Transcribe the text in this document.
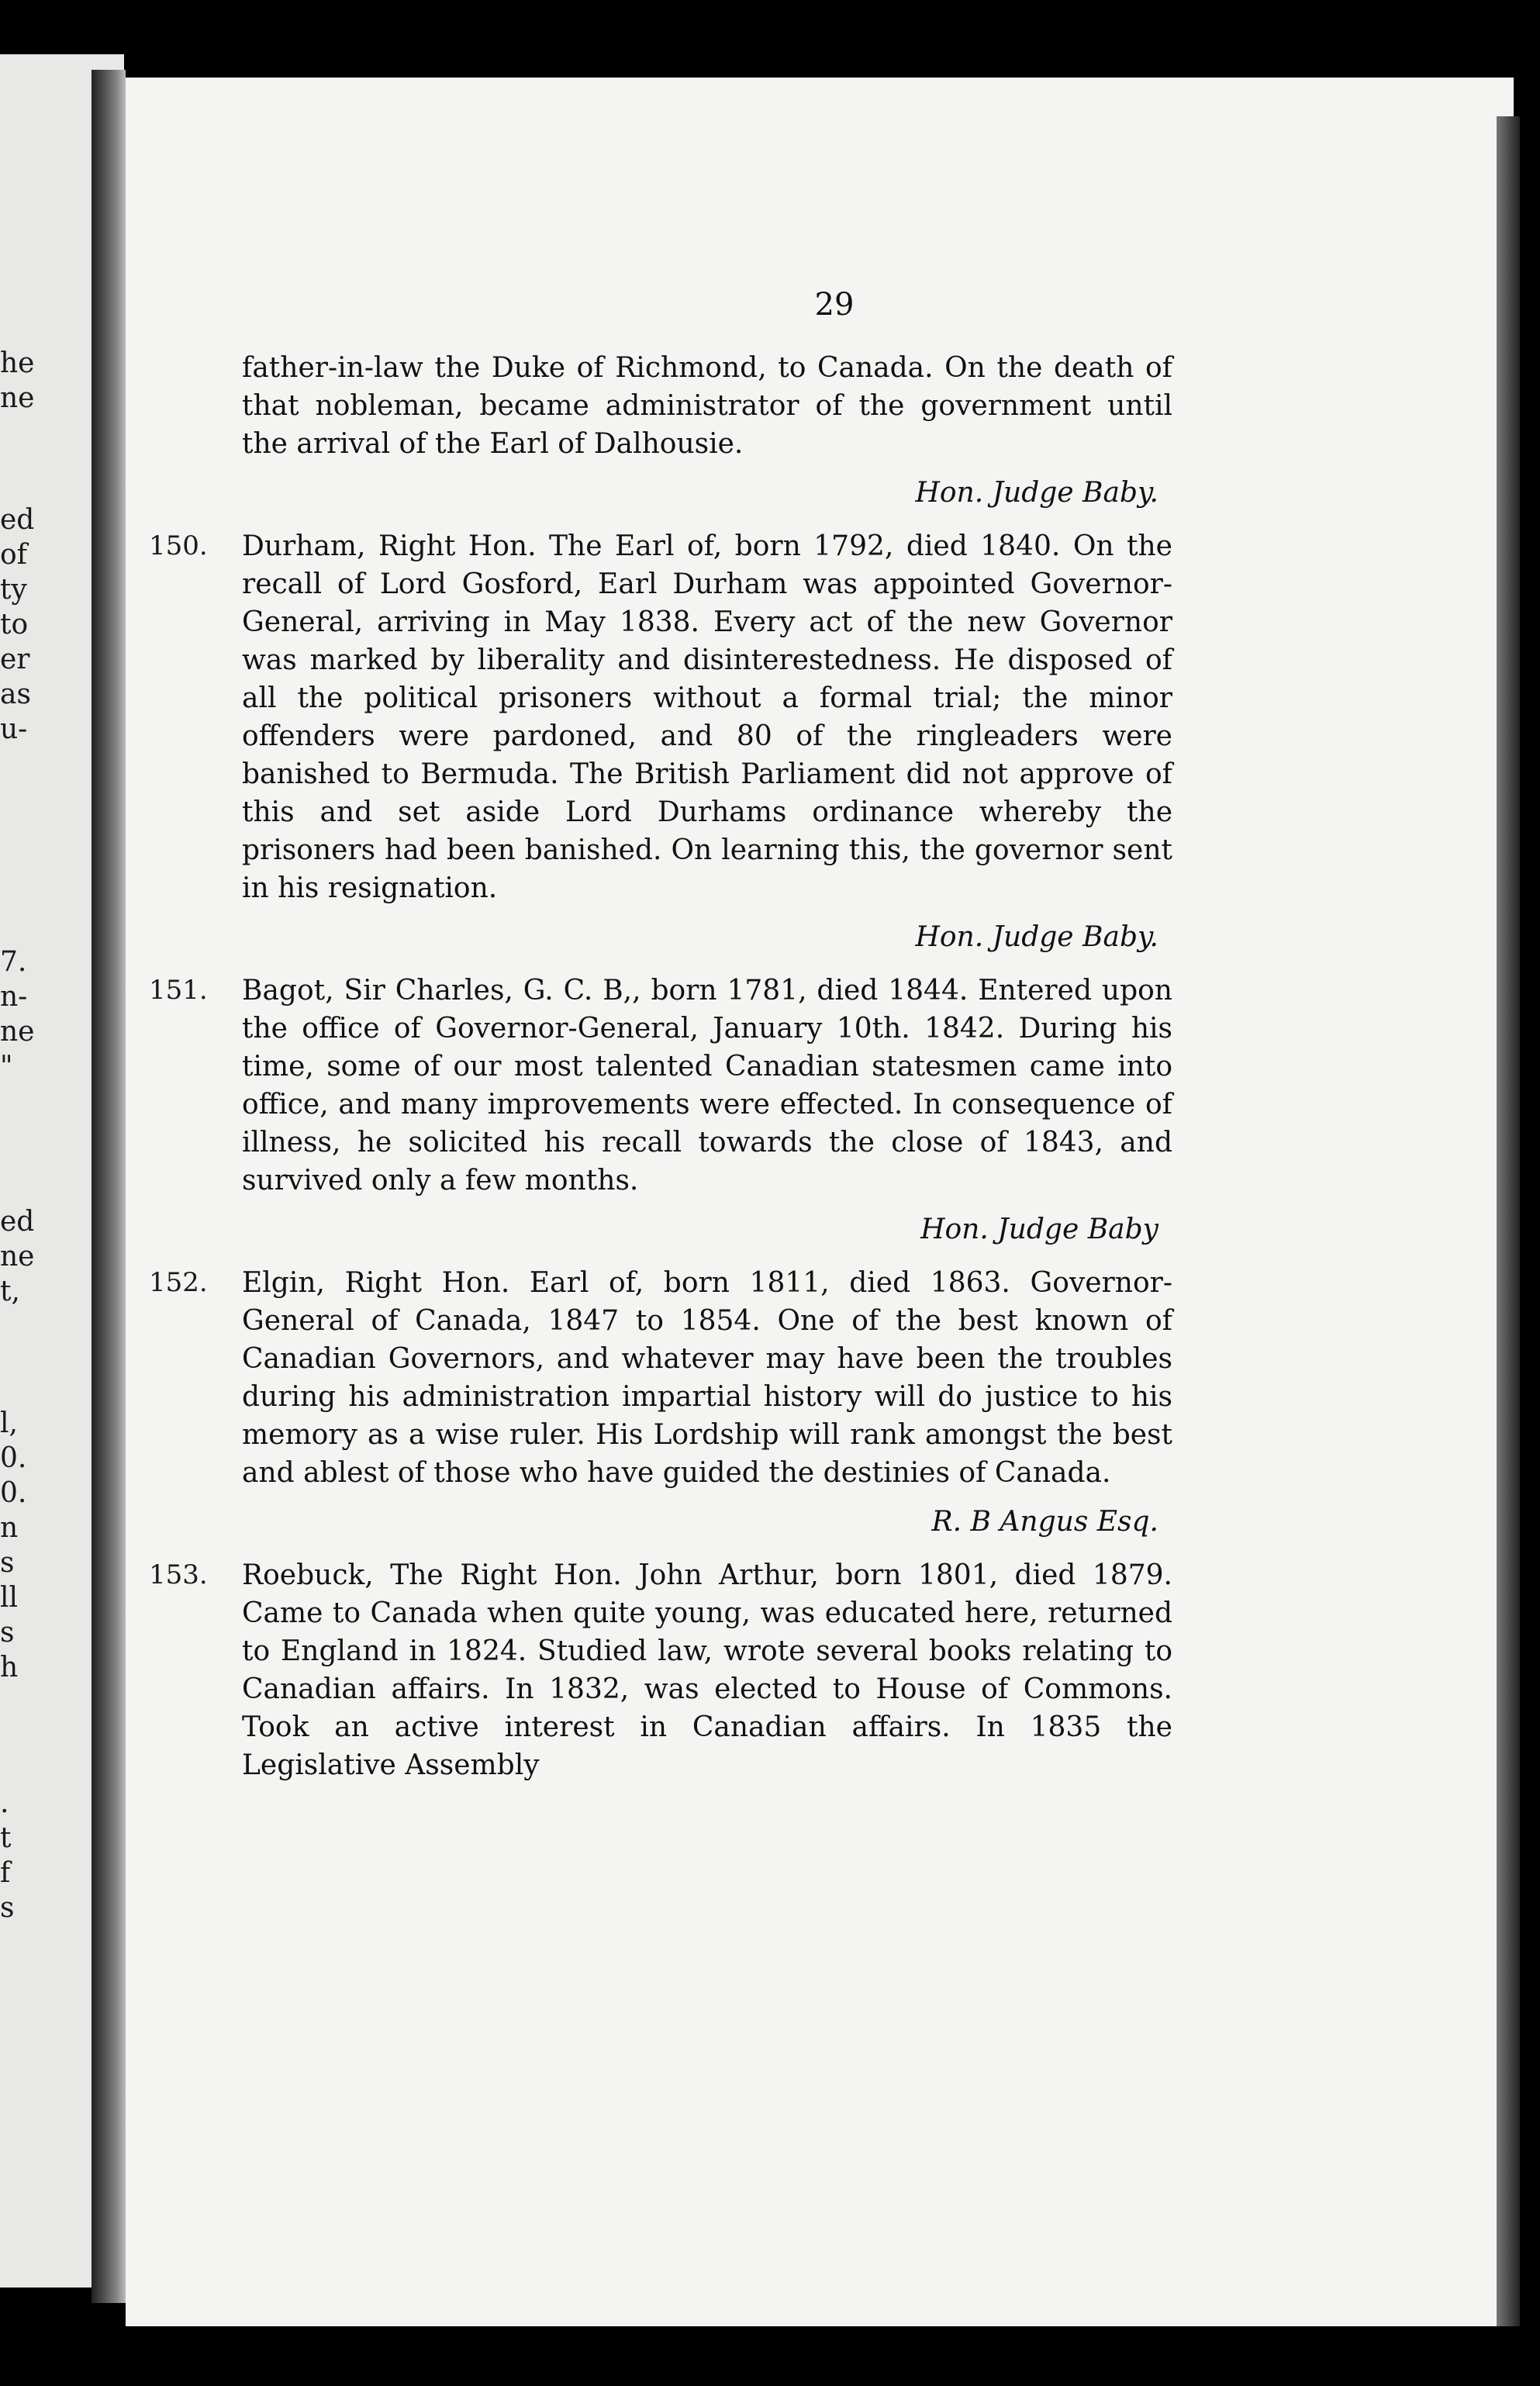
he
ne
ed
of
ty
to
er
as
u-
7.
n-
ne
"
ed
ne
t,
l,
0.
0.
n
s
ll
s
h
.
t
f
s
29
father-in-law the Duke of Richmond, to Canada. On the death of that nobleman, became administrator of the government until the arrival of the Earl of Dalhousie.
Hon. Judge Baby.
150. Durham, Right Hon. The Earl of, born 1792, died 1840. On the recall of Lord Gosford, Earl Durham was appointed Governor-General, arriving in May 1838. Every act of the new Governor was marked by liberality and disinterestedness. He disposed of all the political prisoners without a formal trial; the minor offenders were pardoned, and 80 of the ringleaders were banished to Bermuda. The British Parliament did not approve of this and set aside Lord Durhams ordinance whereby the prisoners had been banished. On learning this, the governor sent in his resignation.
Hon. Judge Baby.
151. Bagot, Sir Charles, G. C. B,, born 1781, died 1844. Entered upon the office of Governor-General, January 10th. 1842. During his time, some of our most talented Canadian statesmen came into office, and many improvements were effected. In consequence of illness, he solicited his recall towards the close of 1843, and survived only a few months.
Hon. Judge Baby
152. Elgin, Right Hon. Earl of, born 1811, died 1863. Governor-General of Canada, 1847 to 1854. One of the best known of Canadian Governors, and whatever may have been the troubles during his administration impartial history will do justice to his memory as a wise ruler. His Lordship will rank amongst the best and ablest of those who have guided the destinies of Canada.
R. B Angus Esq.
153. Roebuck, The Right Hon. John Arthur, born 1801, died 1879. Came to Canada when quite young, was educated here, returned to England in 1824. Studied law, wrote several books relating to Canadian affairs. In 1832, was elected to House of Commons. Took an active interest in Canadian affairs. In 1835 the Legislative Assembly
